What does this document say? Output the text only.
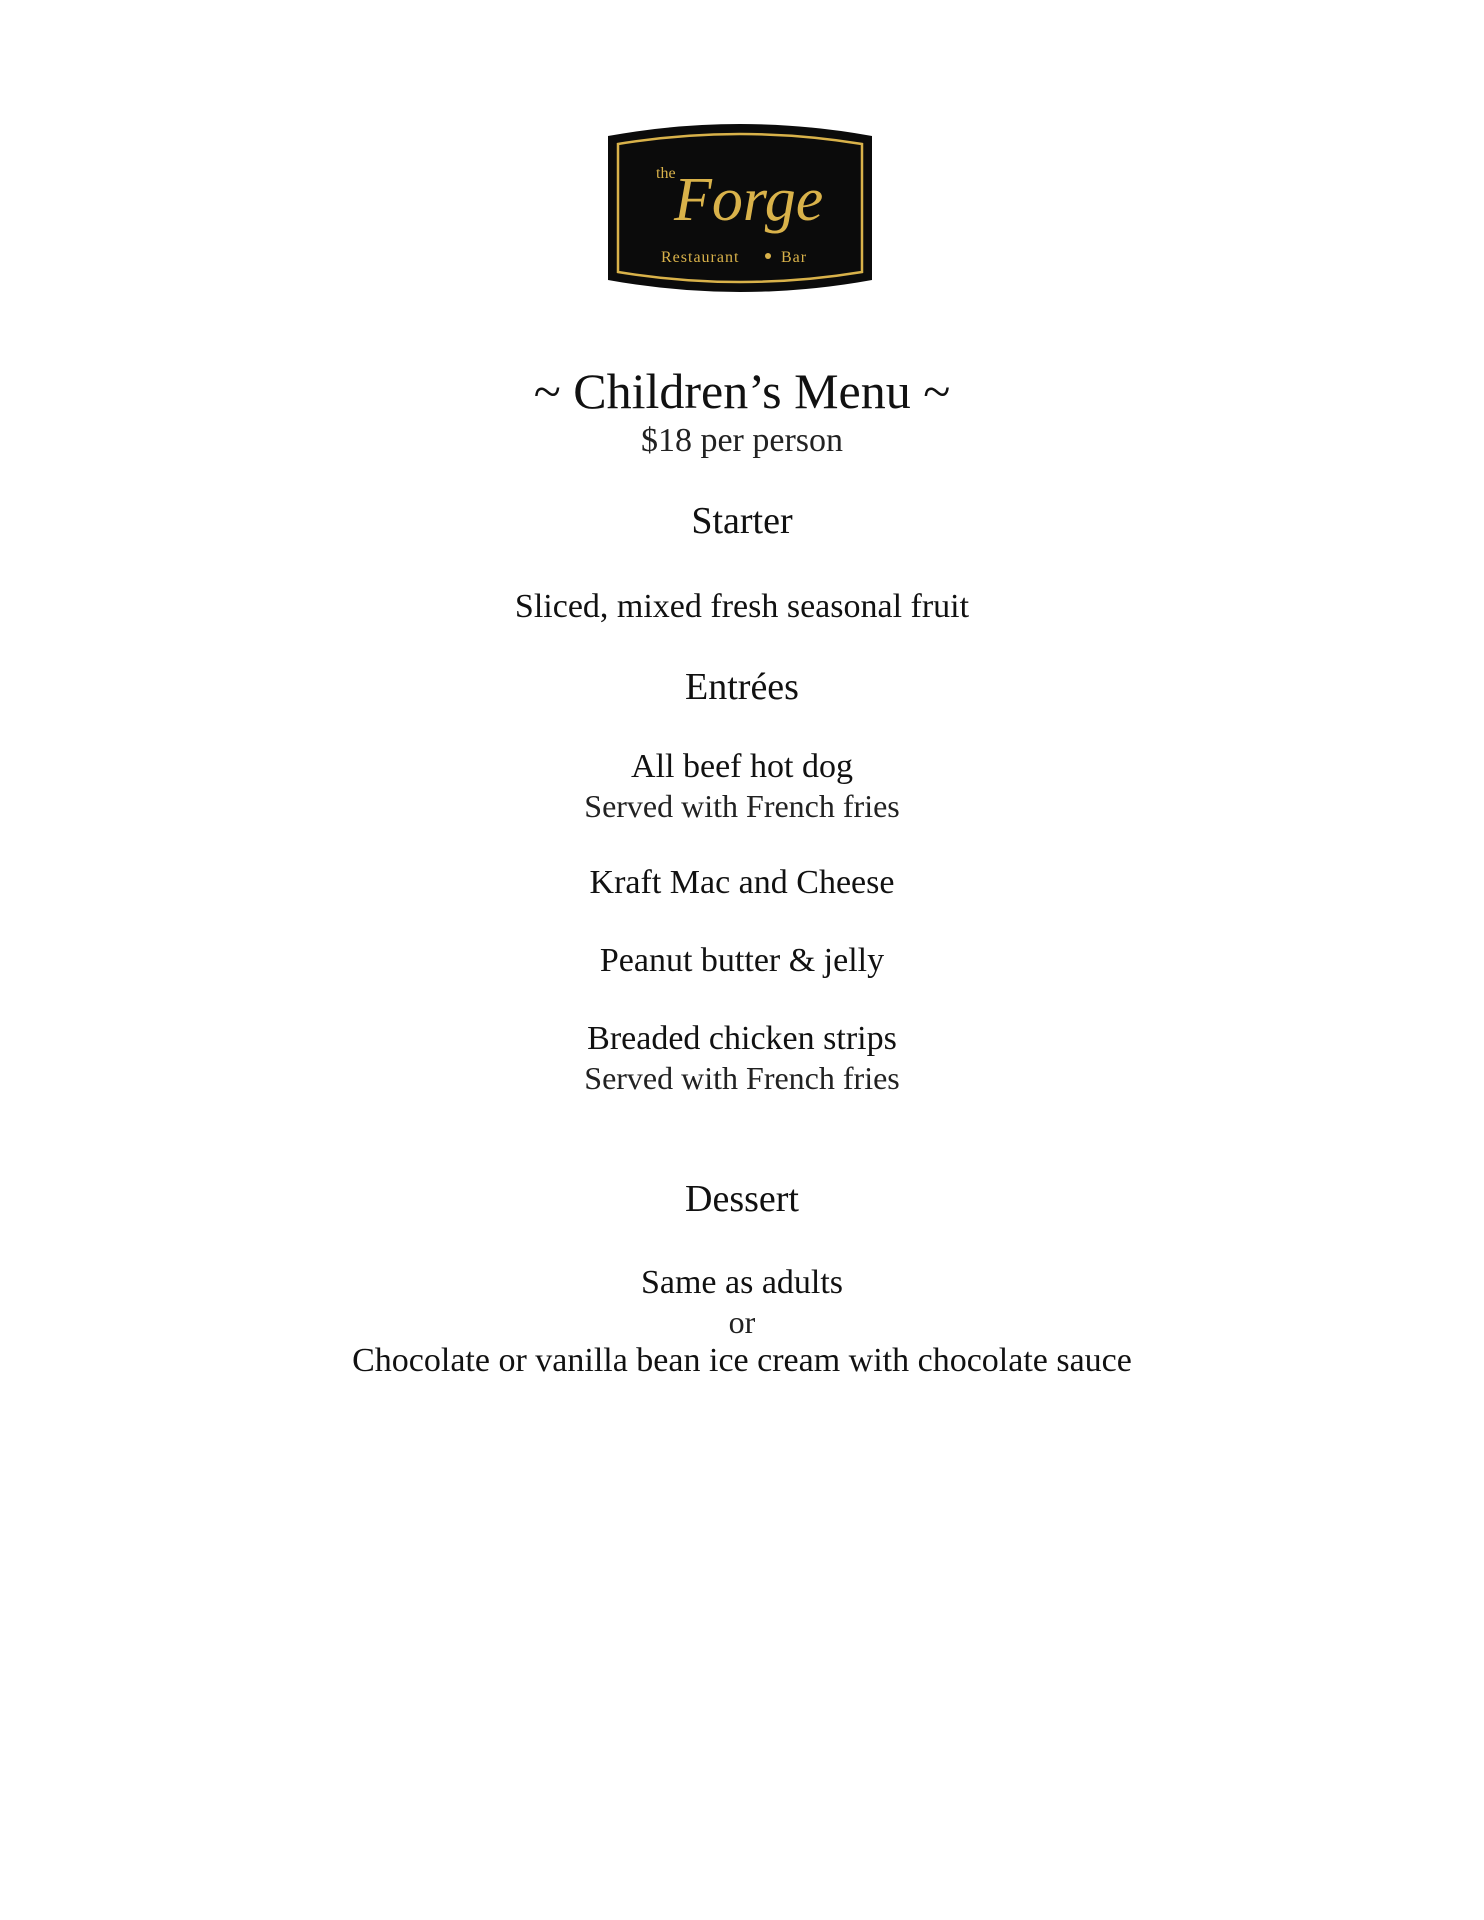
the
Forge
Restaurant	Bar
~ Children’s Menu ~
$18 per person
Starter
Sliced, mixed fresh seasonal fruit
Entrées
All beef hot dog
Served with French fries
Kraft Mac and Cheese
Peanut butter & jelly
Breaded chicken strips
Served with French fries
Dessert
Same as adults
or
Chocolate or vanilla bean ice cream with chocolate sauce
